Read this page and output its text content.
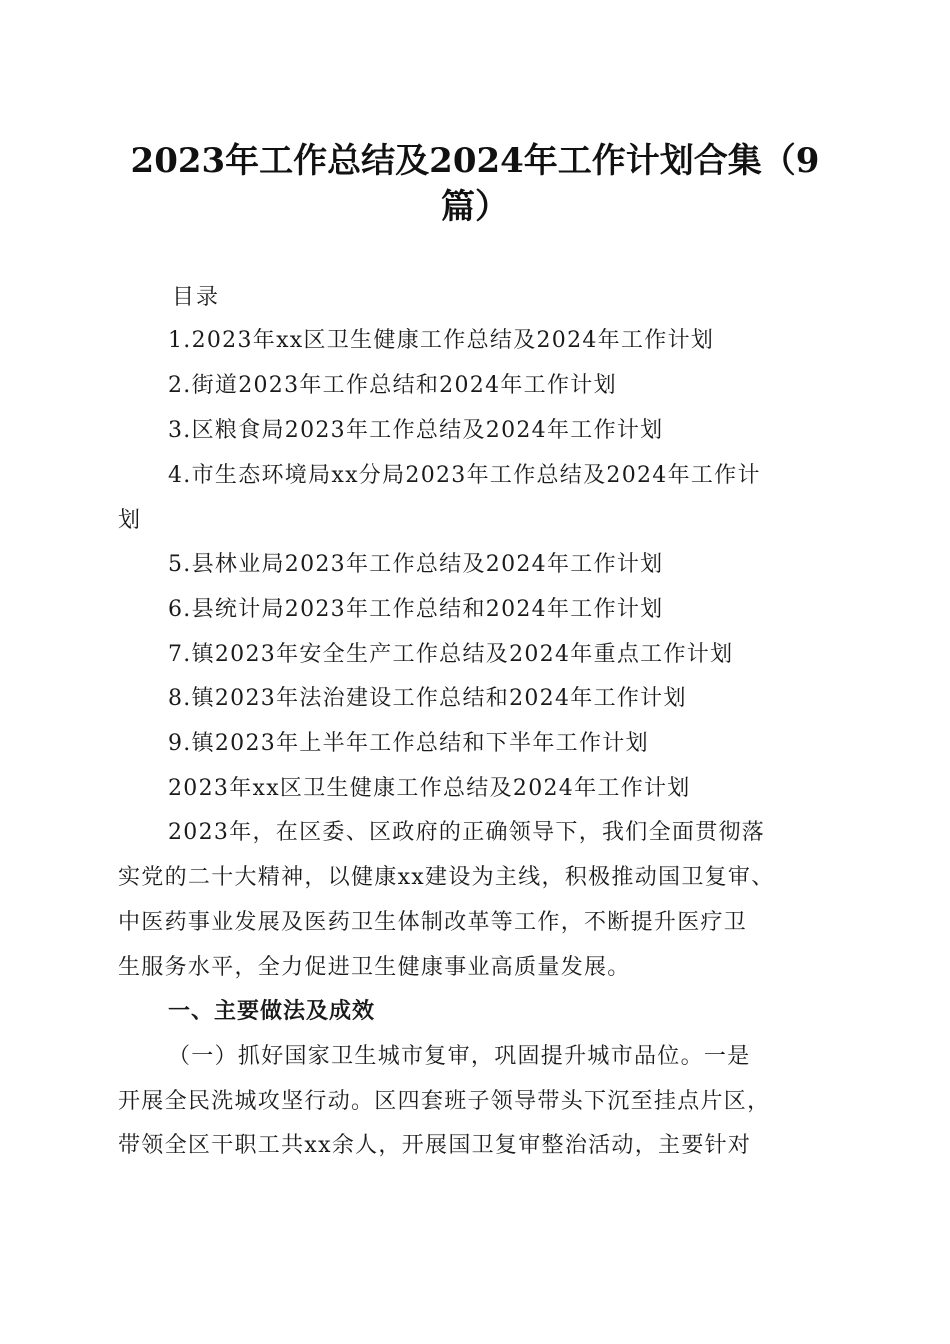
2023年工作总结及2024年工作计划合集（9篇）
目录
1.2023年xx区卫生健康工作总结及2024年工作计划
2.街道2023年工作总结和2024年工作计划
3.区粮食局2023年工作总结及2024年工作计划
4.市生态环境局xx分局2023年工作总结及2024年工作计
划
5.县林业局2023年工作总结及2024年工作计划
6.县统计局2023年工作总结和2024年工作计划
7.镇2023年安全生产工作总结及2024年重点工作计划
8.镇2023年法治建设工作总结和2024年工作计划
9.镇2023年上半年工作总结和下半年工作计划
2023年xx区卫生健康工作总结及2024年工作计划
2023年，在区委、区政府的正确领导下，我们全面贯彻落
实党的二十大精神，以健康xx建设为主线，积极推动国卫复审、
中医药事业发展及医药卫生体制改革等工作，不断提升医疗卫
生服务水平，全力促进卫生健康事业高质量发展。
一、主要做法及成效
（一）抓好国家卫生城市复审，巩固提升城市品位。一是
开展全民洗城攻坚行动。区四套班子领导带头下沉至挂点片区，
带领全区干职工共xx余人，开展国卫复审整治活动，主要针对
